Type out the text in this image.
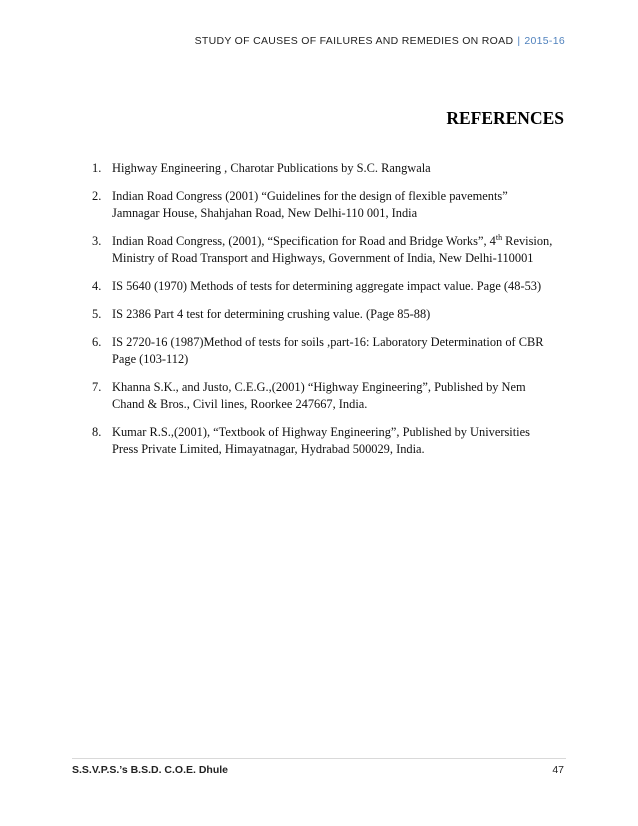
STUDY OF CAUSES OF FAILURES AND REMEDIES ON ROAD | 2015-16
REFERENCES
1. Highway Engineering , Charotar Publications by S.C. Rangwala
2. Indian Road Congress (2001) “Guidelines for the design of flexible pavements”
Jamnagar House, Shahjahan Road, New Delhi-110 001, India
3. Indian Road Congress, (2001), “Specification for Road and Bridge Works”, 4th Revision,
Ministry of Road Transport and Highways, Government of India, New Delhi-110001
4. IS 5640 (1970) Methods of tests for determining aggregate impact value. Page (48-53)
5. IS 2386 Part 4 test for determining crushing value. (Page 85-88)
6. IS 2720-16 (1987)Method of tests for soils ,part-16: Laboratory Determination of CBR
Page (103-112)
7. Khanna S.K., and Justo, C.E.G.,(2001) “Highway Engineering”, Published by Nem
Chand & Bros., Civil lines, Roorkee 247667, India.
8. Kumar R.S.,(2001), “Textbook of Highway Engineering”, Published by Universities
Press Private Limited, Himayatnagar, Hydrabad 500029, India.
S.S.V.P.S.’s B.S.D. C.O.E. Dhule	47
